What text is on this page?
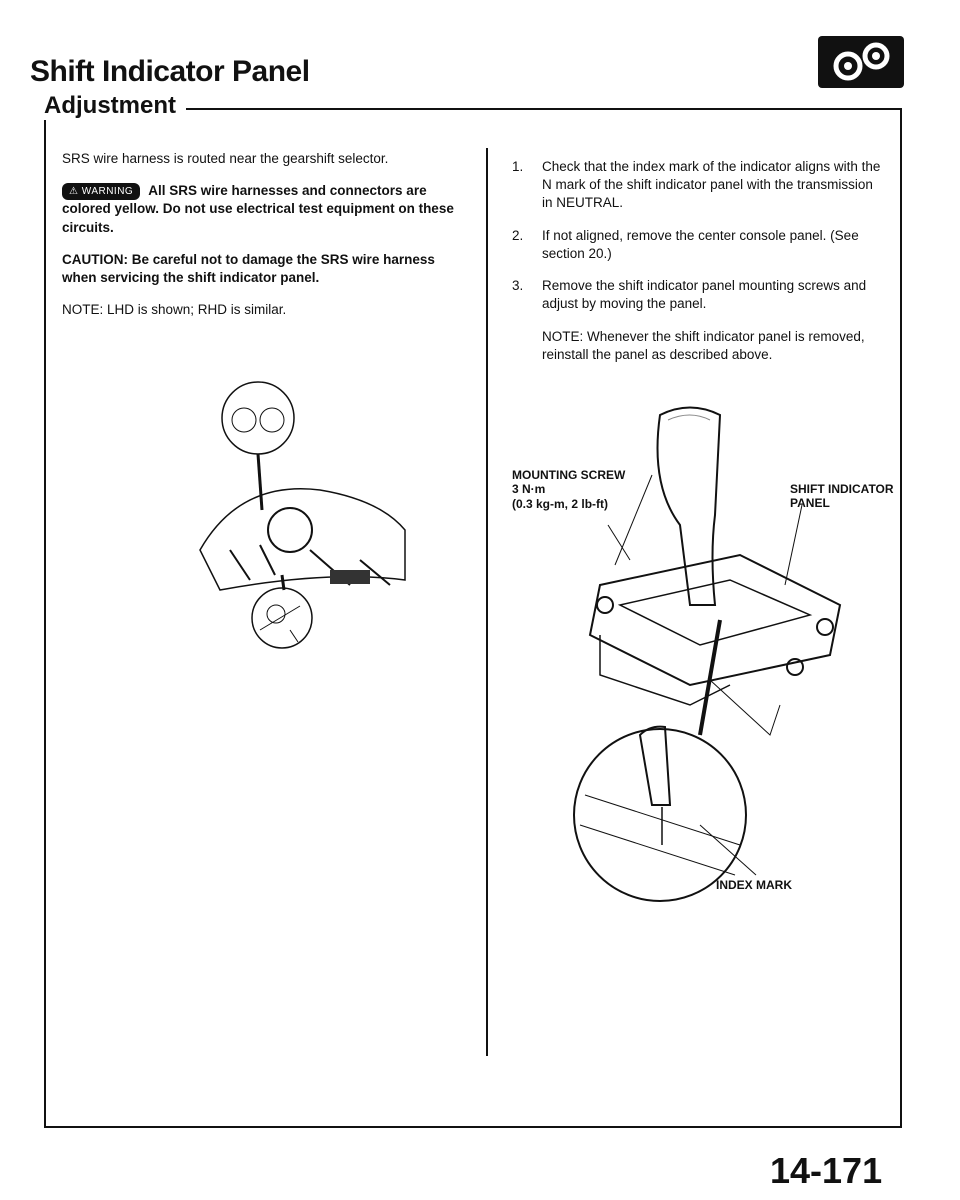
Shift Indicator Panel
Adjustment

SRS wire harness is routed near the gearshift selector.

⚠ WARNING All SRS wire harnesses and connectors are colored yellow. Do not use electrical test equipment on these circuits.

CAUTION: Be careful not to damage the SRS wire harness when servicing the shift indicator panel.

NOTE: LHD is shown; RHD is similar.

1.	Check that the index mark of the indicator aligns with the N mark of the shift indicator panel with the transmission in NEUTRAL.
2.	If not aligned, remove the center console panel. (See section 20.)
3.	Remove the shift indicator panel mounting screws and adjust by moving the panel.
NOTE: Whenever the shift indicator panel is removed, reinstall the panel as described above.
MOUNTING SCREW
3 N·m
(0.3 kg-m, 2 lb-ft)
SHIFT INDICATOR
PANEL
INDEX MARK
14-171
